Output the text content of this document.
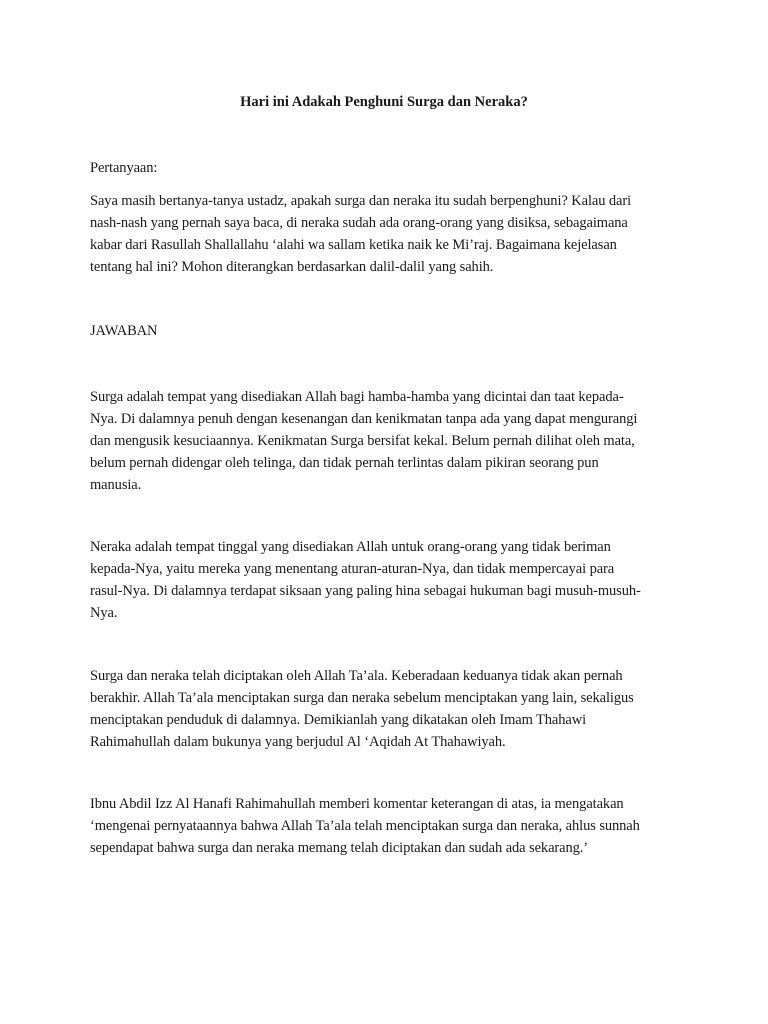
Hari ini Adakah Penghuni Surga dan Neraka?

Pertanyaan:

Saya masih bertanya-tanya ustadz, apakah surga dan neraka itu sudah berpenghuni? Kalau dari
nash-nash yang pernah saya baca, di neraka sudah ada orang-orang yang disiksa, sebagaimana
kabar dari Rasullah Shallallahu ‘alahi wa sallam ketika naik ke Mi’raj. Bagaimana kejelasan
tentang hal ini? Mohon diterangkan berdasarkan dalil-dalil yang sahih.

JAWABAN

Surga adalah tempat yang disediakan Allah bagi hamba-hamba yang dicintai dan taat kepada-
Nya. Di dalamnya penuh dengan kesenangan dan kenikmatan tanpa ada yang dapat mengurangi
dan mengusik kesuciaannya. Kenikmatan Surga bersifat kekal. Belum pernah dilihat oleh mata,
belum pernah didengar oleh telinga, dan tidak pernah terlintas dalam pikiran seorang pun
manusia.

Neraka adalah tempat tinggal yang disediakan Allah untuk orang-orang yang tidak beriman
kepada-Nya, yaitu mereka yang menentang aturan-aturan-Nya, dan tidak mempercayai para
rasul-Nya. Di dalamnya terdapat siksaan yang paling hina sebagai hukuman bagi musuh-musuh-
Nya.

Surga dan neraka telah diciptakan oleh Allah Ta’ala. Keberadaan keduanya tidak akan pernah
berakhir. Allah Ta’ala menciptakan surga dan neraka sebelum menciptakan yang lain, sekaligus
menciptakan penduduk di dalamnya. Demikianlah yang dikatakan oleh Imam Thahawi
Rahimahullah dalam bukunya yang berjudul Al ‘Aqidah At Thahawiyah.

Ibnu Abdil Izz Al Hanafi Rahimahullah memberi komentar keterangan di atas, ia mengatakan
‘mengenai pernyataannya bahwa Allah Ta’ala telah menciptakan surga dan neraka, ahlus sunnah
sependapat bahwa surga dan neraka memang telah diciptakan dan sudah ada sekarang.’
